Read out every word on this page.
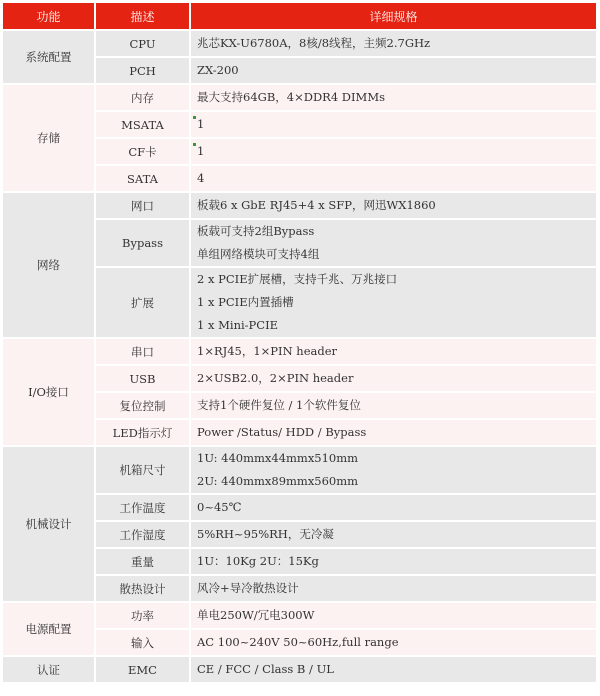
功能	描述	详细规格
系统配置	CPU	兆芯KX-U6780A，8核/8线程，主频2.7GHz

	PCH	ZX-200

存储	内存	最大支持64GB，4×DDR4 DIMMs

	MSATA	1

	CF卡	1

	SATA	4

网络	网口	板载6 x GbE RJ45+4 x SFP，网迅WX1860

	Bypass	板载可支持2组Bypass
单组网络模块可支持4组

	扩展	2 x PCIE扩展槽，支持千兆、万兆接口
1 x PCIE内置插槽
1 x Mini-PCIE

I/O接口	串口	1×RJ45，1×PIN header

	USB	2×USB2.0，2×PIN header

	复位控制	支持1个硬件复位 / 1个软件复位

	LED指示灯	Power /Status/ HDD / Bypass

机械设计	机箱尺寸	1U: 440mmx44mmx510mm
2U: 440mmx89mmx560mm

	工作温度	0~45℃

	工作湿度	5%RH~95%RH，无冷凝

	重量	1U：10Kg 2U：15Kg

	散热设计	风冷+导冷散热设计

电源配置	功率	单电250W/冗电300W

	输入	AC 100~240V 50~60Hz,full range

认证	EMC	CE / FCC / Class B / UL
